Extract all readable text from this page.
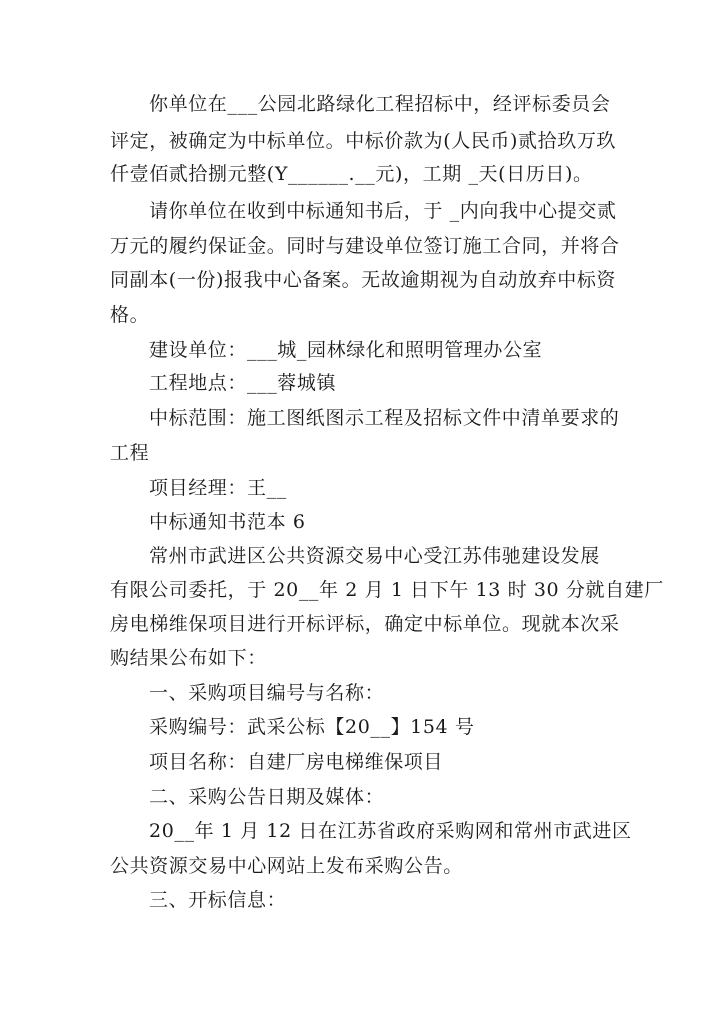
你单位在___公园北路绿化工程招标中，经评标委员会
评定，被确定为中标单位。中标价款为(人民币)贰拾玖万玖
仟壹佰贰拾捌元整(Y______.__元)，工期 _天(日历日)。
请你单位在收到中标通知书后，于 _内向我中心提交贰
万元的履约保证金。同时与建设单位签订施工合同，并将合
同副本(一份)报我中心备案。无故逾期视为自动放弃中标资
格。
建设单位：___城_园林绿化和照明管理办公室
工程地点：___蓉城镇
中标范围：施工图纸图示工程及招标文件中清单要求的
工程
项目经理：王__
中标通知书范本 6
常州市武进区公共资源交易中心受江苏伟驰建设发展
有限公司委托，于 20__年 2 月 1 日下午 13 时 30 分就自建厂
房电梯维保项目进行开标评标，确定中标单位。现就本次采
购结果公布如下：
一、采购项目编号与名称：
采购编号：武采公标【20__】154 号
项目名称：自建厂房电梯维保项目
二、采购公告日期及媒体：
20__年 1 月 12 日在江苏省政府采购网和常州市武进区
公共资源交易中心网站上发布采购公告。
三、开标信息：
